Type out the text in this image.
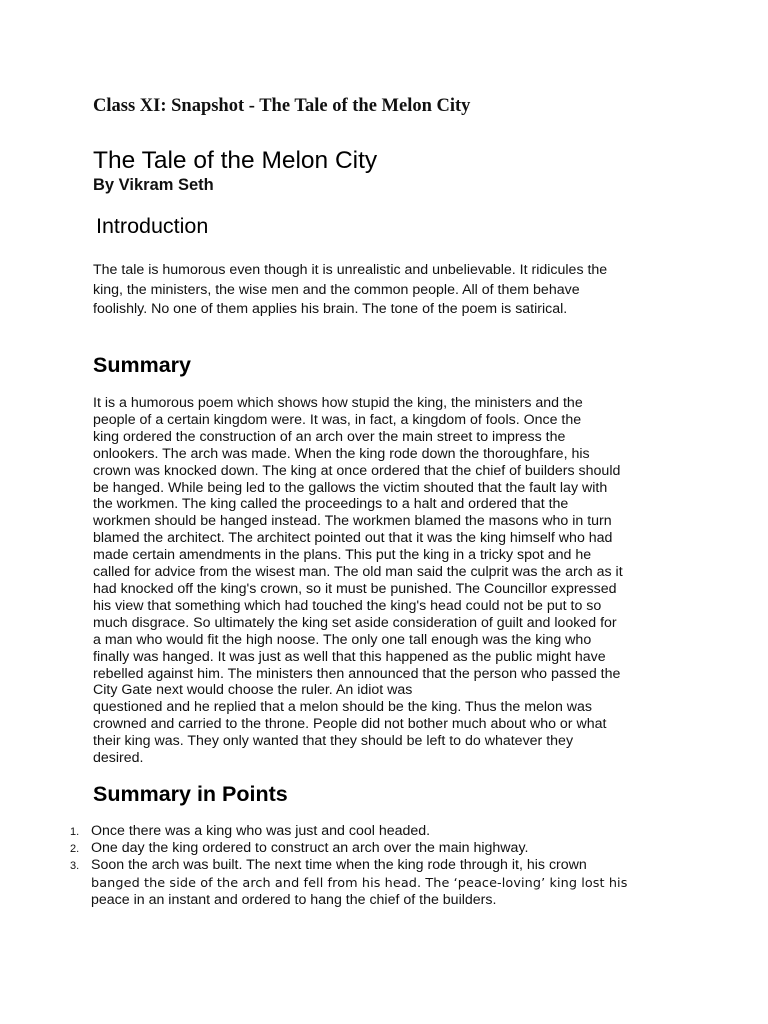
Class XI: Snapshot - The Tale of the Melon City

The Tale of the Melon City

By Vikram Seth

Introduction
The tale is humorous even though it is unrealistic and unbelievable. It ridicules the
king, the ministers, the wise men and the common people. All of them behave
foolishly. No one of them applies his brain. The tone of the poem is satirical.
Summary
It is a humorous poem which shows how stupid the king, the ministers and the
people of a certain kingdom were. It was, in fact, a kingdom of fools. Once the
king ordered the construction of an arch over the main street to impress the
onlookers. The arch was made. When the king rode down the thoroughfare, his
crown was knocked down. The king at once ordered that the chief of builders should
be hanged. While being led to the gallows the victim shouted that the fault lay with
the workmen. The king called the proceedings to a halt and ordered that the
workmen should be hanged instead. The workmen blamed the masons who in turn
blamed the architect. The architect pointed out that it was the king himself who had
made certain amendments in the plans. This put the king in a tricky spot and he
called for advice from the wisest man. The old man said the culprit was the arch as it
had knocked off the king's crown, so it must be punished. The Councillor expressed
his view that something which had touched the king's head could not be put to so
much disgrace. So ultimately the king set aside consideration of guilt and looked for
a man who would fit the high noose. The only one tall enough was the king who
finally was hanged. It was just as well that this happened as the public might have
rebelled against him. The ministers then announced that the person who passed the
City Gate next would choose the ruler. An idiot was
questioned and he replied that a melon should be the king. Thus the melon was
crowned and carried to the throne. People did not bother much about who or what
their king was. They only wanted that they should be left to do whatever they
desired.
Summary in Points
1. Once there was a king who was just and cool headed.
2. One day the king ordered to construct an arch over the main highway.
3. Soon the arch was built. The next time when the king rode through it, his crown
banged the side of the arch and fell from his head. The ‘peace-loving’ king lost his
peace in an instant and ordered to hang the chief of the builders.
